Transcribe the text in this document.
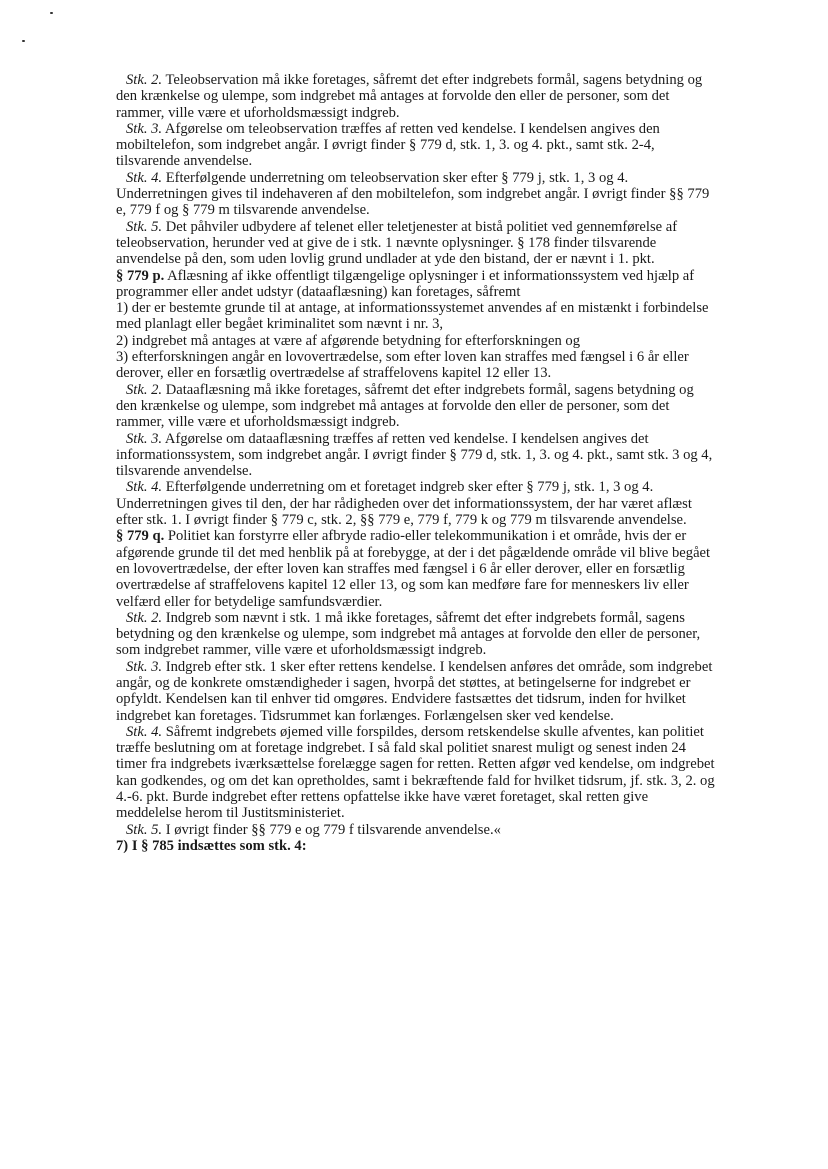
Stk. 2. Teleobservation må ikke foretages, såfremt det efter indgrebets formål, sagens betydning og den krænkelse og ulempe, som indgrebet må antages at forvolde den eller de personer, som det rammer, ville være et uforholdsmæssigt indgreb.

Stk. 3. Afgørelse om teleobservation træffes af retten ved kendelse. I kendelsen angives den mobiltelefon, som indgrebet angår. I øvrigt finder § 779 d, stk. 1, 3. og 4. pkt., samt stk. 2-4, tilsvarende anvendelse.

Stk. 4. Efterfølgende underretning om teleobservation sker efter § 779 j, stk. 1, 3 og 4. Underretningen gives til indehaveren af den mobiltelefon, som indgrebet angår. I øvrigt finder §§ 779 e, 779 f og § 779 m tilsvarende anvendelse.

Stk. 5. Det påhviler udbydere af telenet eller teletjenester at bistå politiet ved gennemførelse af teleobservation, herunder ved at give de i stk. 1 nævnte oplysninger. § 178 finder tilsvarende anvendelse på den, som uden lovlig grund undlader at yde den bistand, der er nævnt i 1. pkt.

§ 779 p. Aflæsning af ikke offentligt tilgængelige oplysninger i et informationssystem ved hjælp af programmer eller andet udstyr (dataaflæsning) kan foretages, såfremt

1) der er bestemte grunde til at antage, at informationssystemet anvendes af en mistænkt i forbindelse med planlagt eller begået kriminalitet som nævnt i nr. 3,

2) indgrebet må antages at være af afgørende betydning for efterforskningen og

3) efterforskningen angår en lovovertrædelse, som efter loven kan straffes med fængsel i 6 år eller derover, eller en forsætlig overtrædelse af straffelovens kapitel 12 eller 13.

Stk. 2. Dataaflæsning må ikke foretages, såfremt det efter indgrebets formål, sagens betydning og den krænkelse og ulempe, som indgrebet må antages at forvolde den eller de personer, som det rammer, ville være et uforholdsmæssigt indgreb.

Stk. 3. Afgørelse om dataaflæsning træffes af retten ved kendelse. I kendelsen angives det informationssystem, som indgrebet angår. I øvrigt finder § 779 d, stk. 1, 3. og 4. pkt., samt stk. 3 og 4, tilsvarende anvendelse.

Stk. 4. Efterfølgende underretning om et foretaget indgreb sker efter § 779 j, stk. 1, 3 og 4. Underretningen gives til den, der har rådigheden over det informationssystem, der har været aflæst efter stk. 1. I øvrigt finder § 779 c, stk. 2, §§ 779 e, 779 f, 779 k og 779 m tilsvarende anvendelse.

§ 779 q. Politiet kan forstyrre eller afbryde radio-eller telekommunikation i et område, hvis der er afgørende grunde til det med henblik på at forebygge, at der i det pågældende område vil blive begået en lovovertrædelse, der efter loven kan straffes med fængsel i 6 år eller derover, eller en forsætlig overtrædelse af straffelovens kapitel 12 eller 13, og som kan medføre fare for menneskers liv eller velfærd eller for betydelige samfundsværdier.

Stk. 2. Indgreb som nævnt i stk. 1 må ikke foretages, såfremt det efter indgrebets formål, sagens betydning og den krænkelse og ulempe, som indgrebet må antages at forvolde den eller de personer, som indgrebet rammer, ville være et uforholdsmæssigt indgreb.

Stk. 3. Indgreb efter stk. 1 sker efter rettens kendelse. I kendelsen anføres det område, som indgrebet angår, og de konkrete omstændigheder i sagen, hvorpå det støttes, at betingelserne for indgrebet er opfyldt. Kendelsen kan til enhver tid omgøres. Endvidere fastsættes det tidsrum, inden for hvilket indgrebet kan foretages. Tidsrummet kan forlænges. Forlængelsen sker ved kendelse.

Stk. 4. Såfremt indgrebets øjemed ville forspildes, dersom retskendelse skulle afventes, kan politiet træffe beslutning om at foretage indgrebet. I så fald skal politiet snarest muligt og senest inden 24 timer fra indgrebets iværksættelse forelægge sagen for retten. Retten afgør ved kendelse, om indgrebet kan godkendes, og om det kan opretholdes, samt i bekræftende fald for hvilket tidsrum, jf. stk. 3, 2. og 4.-6. pkt. Burde indgrebet efter rettens opfattelse ikke have været foretaget, skal retten give meddelelse herom til Justitsministeriet.

Stk. 5. I øvrigt finder §§ 779 e og 779 f tilsvarende anvendelse.«

7) I § 785 indsættes som stk. 4:
